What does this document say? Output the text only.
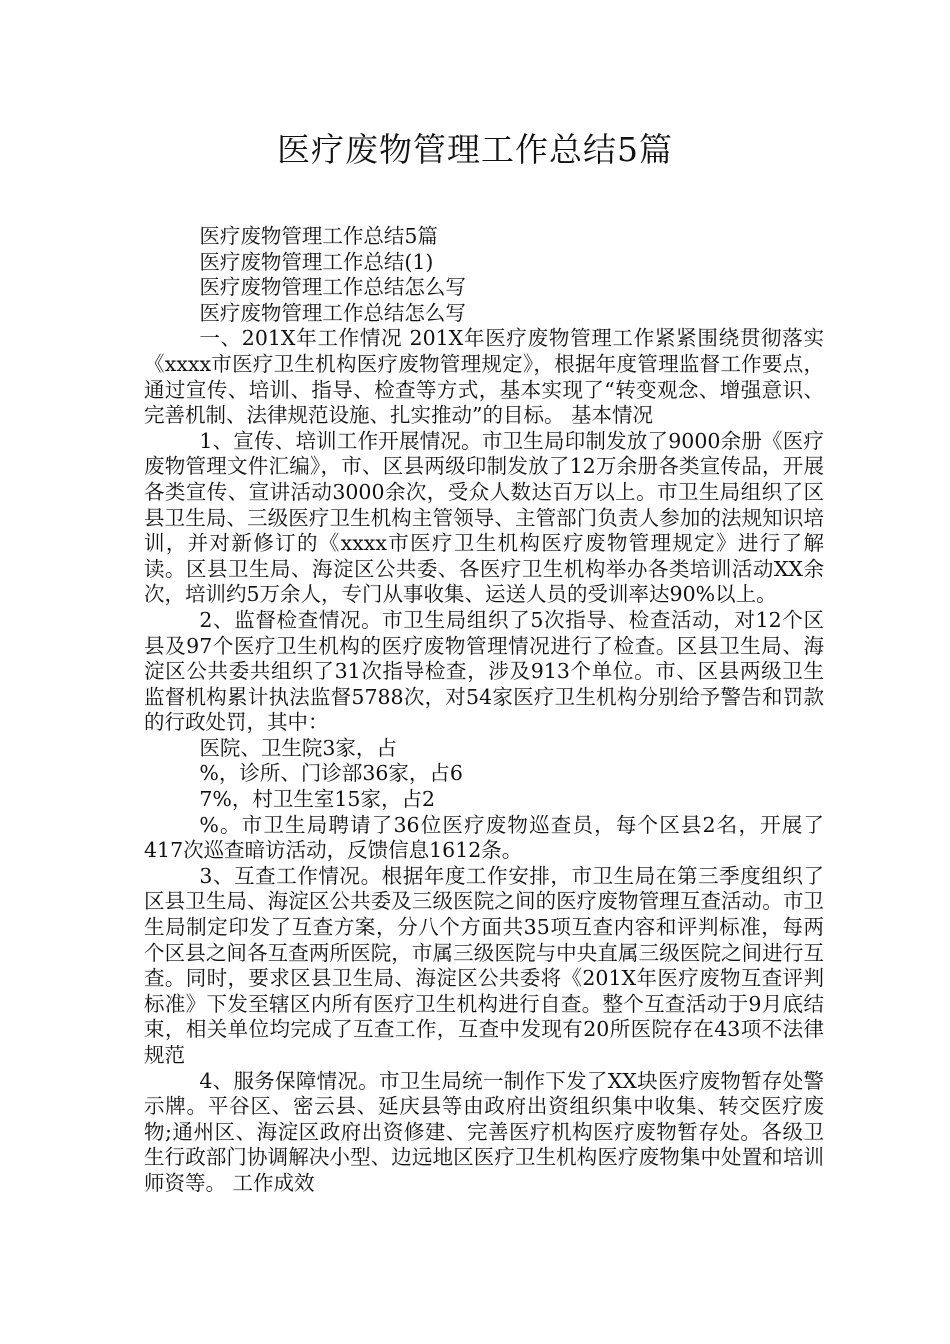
医疗废物管理工作总结5篇

医疗废物管理工作总结5篇

医疗废物管理工作总结(1)

医疗废物管理工作总结怎么写

医疗废物管理工作总结怎么写

一、201X年工作情况 201X年医疗废物管理工作紧紧围绕贯彻落实《xxxx市医疗卫生机构医疗废物管理规定》，根据年度管理监督工作要点，通过宣传、培训、指导、检查等方式，基本实现了“转变观念、增强意识、完善机制、法律规范设施、扎实推动”的目标。 基本情况

1、宣传、培训工作开展情况。市卫生局印制发放了9000余册《医疗废物管理文件汇编》，市、区县两级印制发放了12万余册各类宣传品，开展各类宣传、宣讲活动3000余次，受众人数达百万以上。市卫生局组织了区县卫生局、三级医疗卫生机构主管领导、主管部门负责人参加的法规知识培训，并对新修订的《xxxx市医疗卫生机构医疗废物管理规定》进行了解读。区县卫生局、海淀区公共委、各医疗卫生机构举办各类培训活动XX余次，培训约5万余人，专门从事收集、运送人员的受训率达90%以上。

2、监督检查情况。市卫生局组织了5次指导、检查活动，对12个区县及97个医疗卫生机构的医疗废物管理情况进行了检查。区县卫生局、海淀区公共委共组织了31次指导检查，涉及913个单位。市、区县两级卫生监督机构累计执法监督5788次，对54家医疗卫生机构分别给予警告和罚款的行政处罚，其中：

医院、卫生院3家，占

%，诊所、门诊部36家，占6

7%，村卫生室15家，占2

%。市卫生局聘请了36位医疗废物巡查员，每个区县2名，开展了417次巡查暗访活动，反馈信息1612条。

3、互查工作情况。根据年度工作安排，市卫生局在第三季度组织了区县卫生局、海淀区公共委及三级医院之间的医疗废物管理互查活动。市卫生局制定印发了互查方案，分八个方面共35项互查内容和评判标准，每两个区县之间各互查两所医院，市属三级医院与中央直属三级医院之间进行互查。同时，要求区县卫生局、海淀区公共委将《201X年医疗废物互查评判标准》下发至辖区内所有医疗卫生机构进行自查。整个互查活动于9月底结束，相关单位均完成了互查工作，互查中发现有20所医院存在43项不法律规范

4、服务保障情况。市卫生局统一制作下发了XX块医疗废物暂存处警示牌。平谷区、密云县、延庆县等由政府出资组织集中收集、转交医疗废物;通州区、海淀区政府出资修建、完善医疗机构医疗废物暂存处。各级卫生行政部门协调解决小型、边远地区医疗卫生机构医疗废物集中处置和培训师资等。 工作成效
